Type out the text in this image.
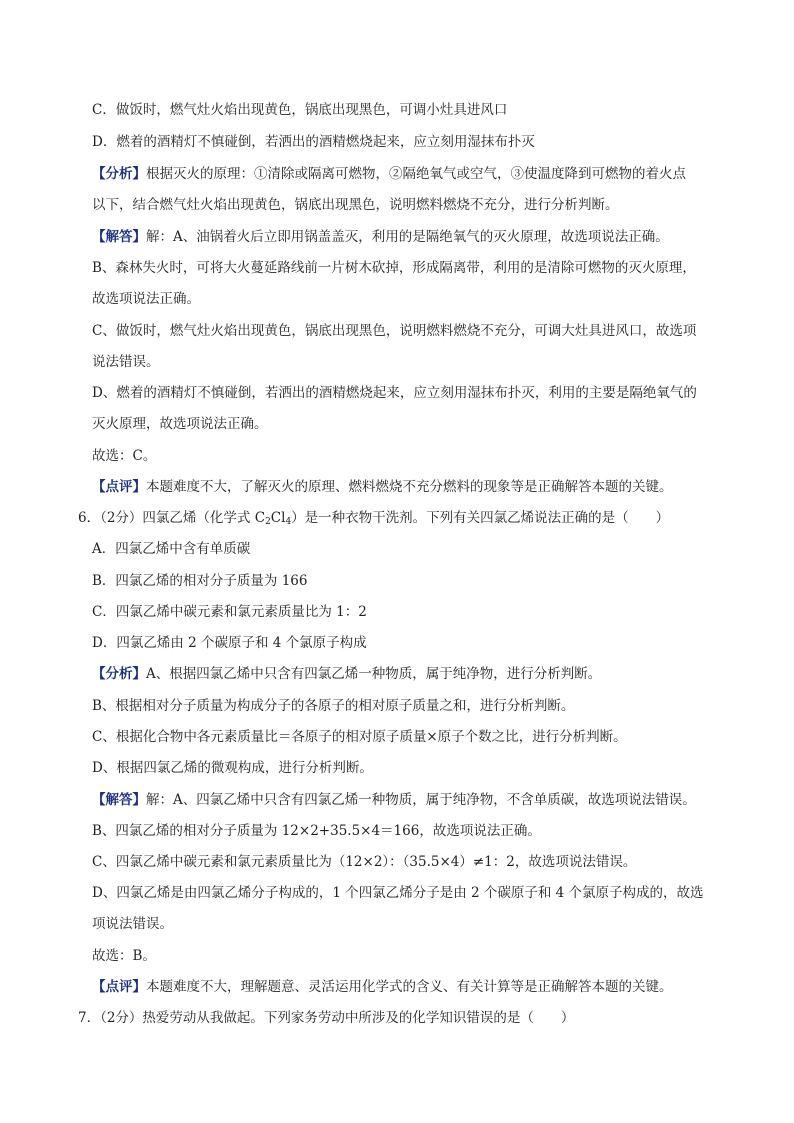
C．做饭时，燃气灶火焰出现黄色，锅底出现黑色，可调小灶具进风口
D．燃着的酒精灯不慎碰倒，若洒出的酒精燃烧起来，应立刻用湿抹布扑灭
【分析】根据灭火的原理：①清除或隔离可燃物，②隔绝氧气或空气，③使温度降到可燃物的着火点
以下，结合燃气灶火焰出现黄色，锅底出现黑色，说明燃料燃烧不充分，进行分析判断。
【解答】解：A、油锅着火后立即用锅盖盖灭，利用的是隔绝氧气的灭火原理，故选项说法正确。
B、森林失火时，可将大火蔓延路线前一片树木砍掉，形成隔离带，利用的是清除可燃物的灭火原理，
故选项说法正确。
C、做饭时，燃气灶火焰出现黄色，锅底出现黑色，说明燃料燃烧不充分，可调大灶具进风口，故选项
说法错误。
D、燃着的酒精灯不慎碰倒，若洒出的酒精燃烧起来，应立刻用湿抹布扑灭，利用的主要是隔绝氧气的
灭火原理，故选项说法正确。
故选：C。
【点评】本题难度不大，了解灭火的原理、燃料燃烧不充分燃料的现象等是正确解答本题的关键。
6．（2分）四氯乙烯（化学式 $C_2Cl_4$）是一种衣物干洗剂。下列有关四氯乙烯说法正确的是（　　）
A．四氯乙烯中含有单质碳
B．四氯乙烯的相对分子质量为 166
C．四氯乙烯中碳元素和氯元素质量比为 1：2
D．四氯乙烯由 2 个碳原子和 4 个氯原子构成
【分析】A、根据四氯乙烯中只含有四氯乙烯一种物质，属于纯净物，进行分析判断。
B、根据相对分子质量为构成分子的各原子的相对原子质量之和，进行分析判断。
C、根据化合物中各元素质量比＝各原子的相对原子质量×原子个数之比，进行分析判断。
D、根据四氯乙烯的微观构成，进行分析判断。
【解答】解：A、四氯乙烯中只含有四氯乙烯一种物质，属于纯净物，不含单质碳，故选项说法错误。
B、四氯乙烯的相对分子质量为 12×2+35.5×4＝166，故选项说法正确。
C、四氯乙烯中碳元素和氯元素质量比为（12×2）：（35.5×4）≠1：2，故选项说法错误。
D、四氯乙烯是由四氯乙烯分子构成的，1 个四氯乙烯分子是由 2 个碳原子和 4 个氯原子构成的，故选
项说法错误。
故选：B。
【点评】本题难度不大，理解题意、灵活运用化学式的含义、有关计算等是正确解答本题的关键。
7．（2分）热爱劳动从我做起。下列家务劳动中所涉及的化学知识错误的是（　　）
